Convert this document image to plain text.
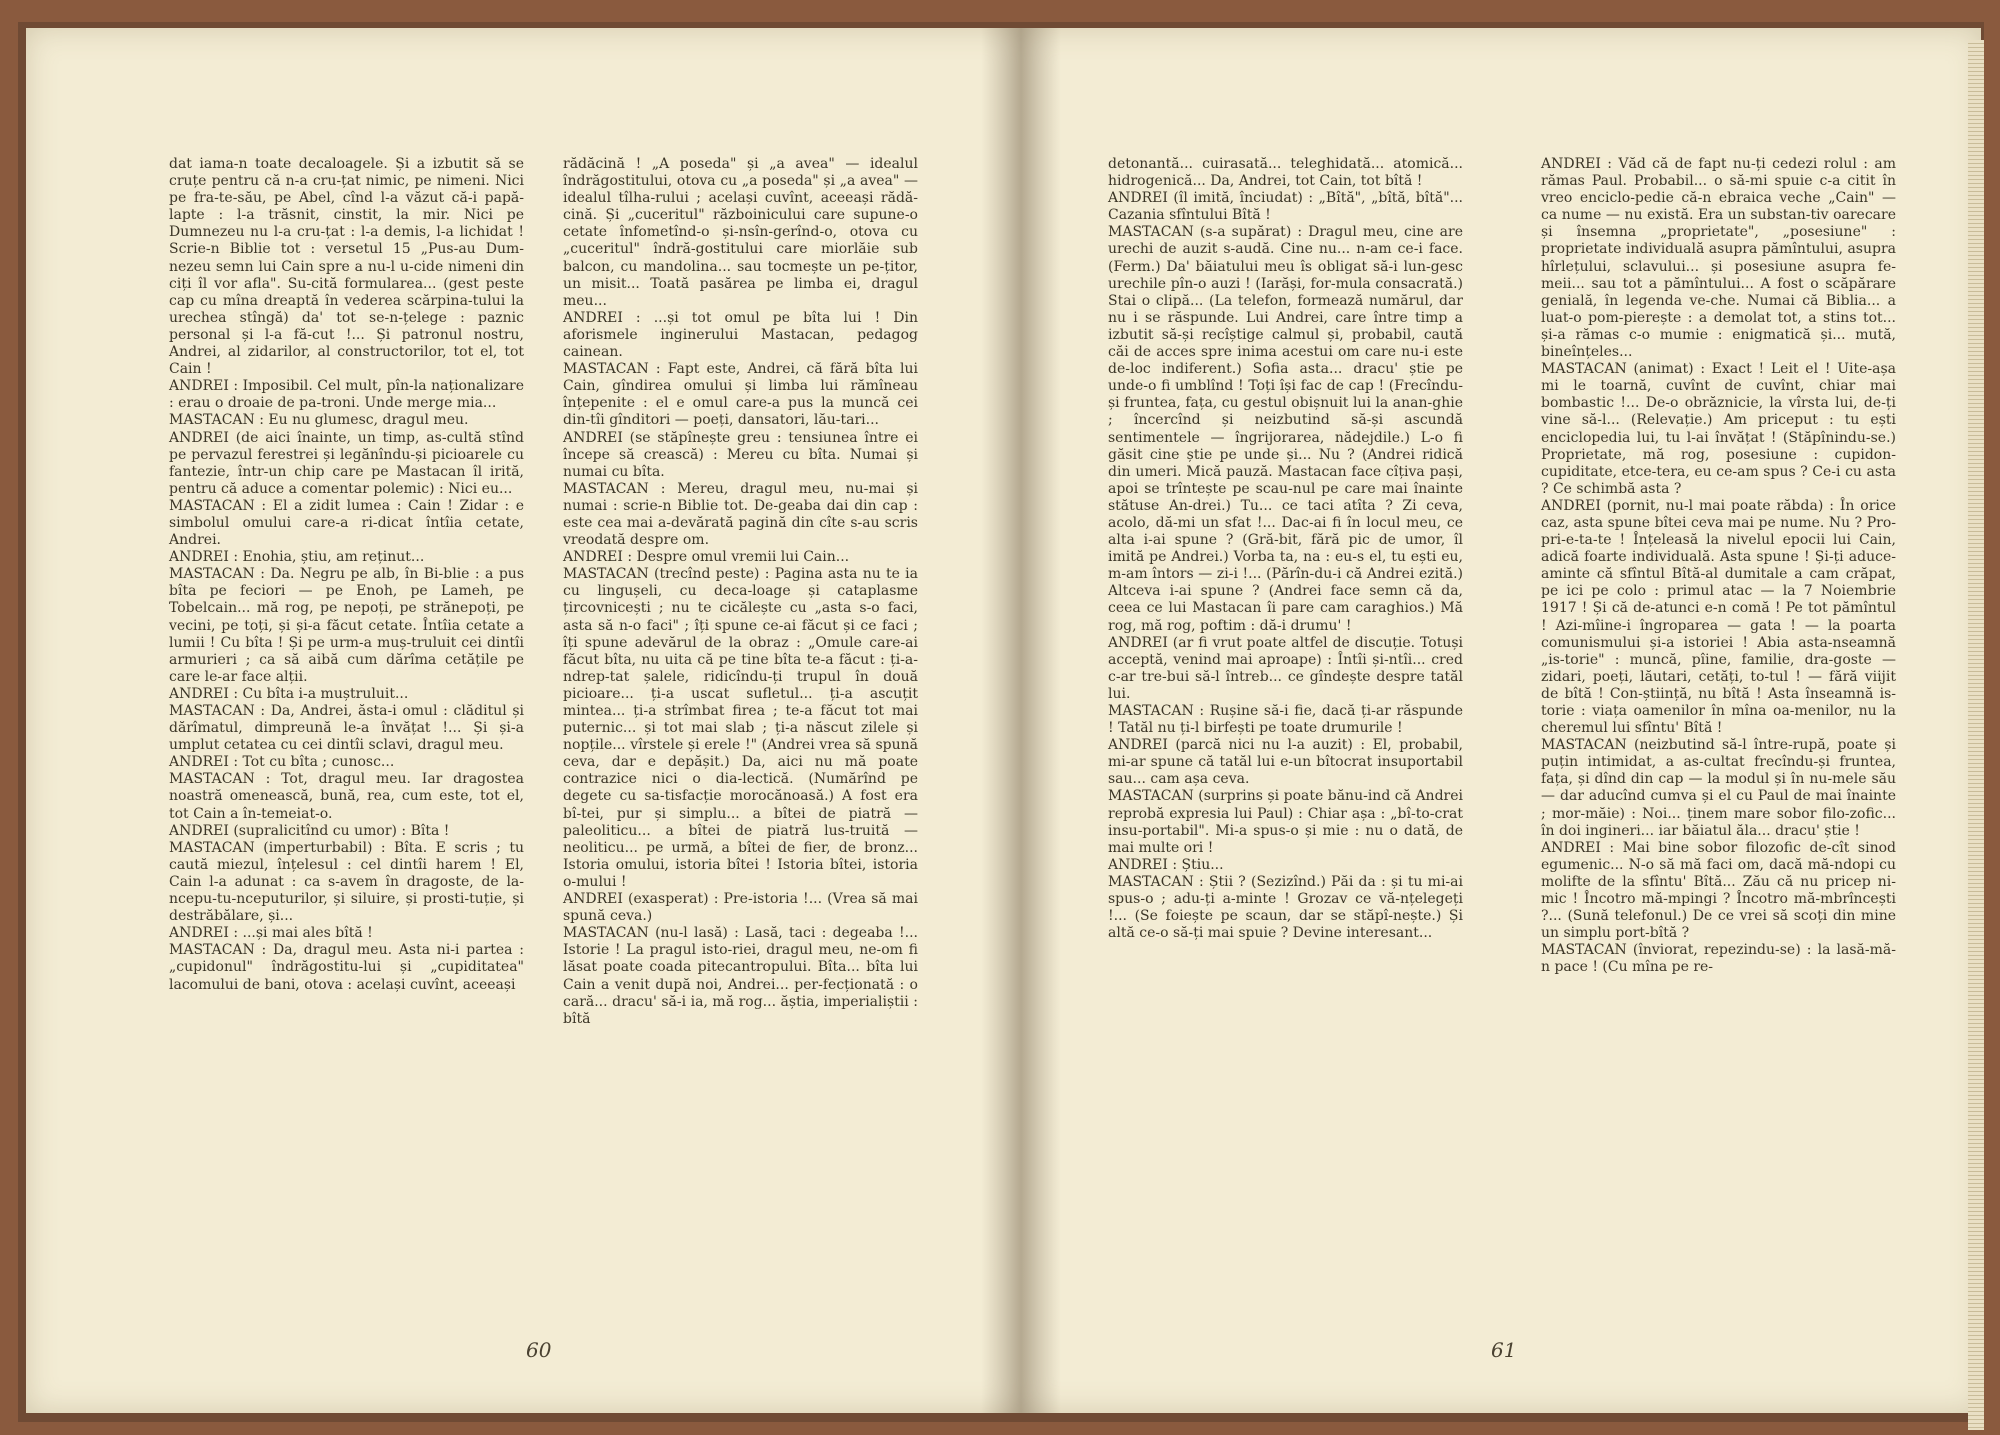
dat iama-n toate decaloagele. Și a izbutit să se cruțe pentru că n-a cru-țat nimic, pe nimeni. Nici pe fra-te-său, pe Abel, cînd l-a văzut că-i papă-lapte : l-a trăsnit, cinstit, la mir. Nici pe Dumnezeu nu l-a cru-țat : l-a demis, l-a lichidat ! Scrie-n Biblie tot : versetul 15 „Pus-au Dum-nezeu semn lui Cain spre a nu-l u-cide nimeni din ciți îl vor afla". Su-cită formularea... (gest peste cap cu mîna dreaptă în vederea scărpina-tului la urechea stîngă) da' tot se-n-țelege : paznic personal și l-a fă-cut !... Și patronul nostru, Andrei, al zidarilor, al constructorilor, tot el, tot Cain !

ANDREI : Imposibil. Cel mult, pîn-la naționalizare : erau o droaie de pa-troni. Unde merge mia...

MASTACAN : Eu nu glumesc, dragul meu.

ANDREI (de aici înainte, un timp, as-cultă stînd pe pervazul ferestrei și legănîndu-și picioarele cu fantezie, într-un chip care pe Mastacan îl irită, pentru că aduce a comentar polemic) : Nici eu...

MASTACAN : El a zidit lumea : Cain ! Zidar : e simbolul omului care-a ri-dicat întîia cetate, Andrei.

ANDREI : Enohia, știu, am reținut...

MASTACAN : Da. Negru pe alb, în Bi-blie : a pus bîta pe feciori — pe Enoh, pe Lameh, pe Tobelcain... mă rog, pe nepoți, pe strănepoți, pe vecini, pe toți, și și-a făcut cetate. Întîia cetate a lumii ! Cu bîta ! Și pe urm-a muș-truluit cei dintîi armurieri ; ca să aibă cum dărîma cetățile pe care le-ar face alții.

ANDREI : Cu bîta i-a muștruluit...

MASTACAN : Da, Andrei, ăsta-i omul : clăditul și dărîmatul, dimpreună le-a învățat !... Și și-a umplut cetatea cu cei dintîi sclavi, dragul meu.

ANDREI : Tot cu bîta ; cunosc...

MASTACAN : Tot, dragul meu. Iar dragostea noastră omenească, bună, rea, cum este, tot el, tot Cain a în-temeiat-o.

ANDREI (supralicitînd cu umor) : Bîta !

MASTACAN (imperturbabil) : Bîta. E scris ; tu caută miezul, înțelesul : cel dintîi harem ! El, Cain l-a adunat : ca s-avem în dragoste, de la-ncepu-tu-nceputurilor, și siluire, și prosti-tuție, și destrăbălare, și...

ANDREI : ...și mai ales bîtă !

MASTACAN : Da, dragul meu. Asta ni-i partea : „cupidonul" îndrăgostitu-lui și „cupiditatea" lacomului de bani, otova : același cuvînt, aceeași

rădăcină ! „A poseda" și „a avea" — idealul îndrăgostitului, otova cu „a poseda" și „a avea" — idealul tîlha-rului ; același cuvînt, aceeași rădă-cină. Și „cuceritul" războinicului care supune-o cetate înfometînd-o și-nsîn-gerînd-o, otova cu „cuceritul" îndră-gostitului care miorlăie sub balcon, cu mandolina... sau tocmește un pe-țitor, un misit... Toată pasărea pe limba ei, dragul meu...

ANDREI : ...și tot omul pe bîta lui ! Din aforismele inginerului Mastacan, pedagog cainean.

MASTACAN : Fapt este, Andrei, că fără bîta lui Cain, gîndirea omului și limba lui rămîneau înțepenite : el e omul care-a pus la muncă cei din-tîi gînditori — poeți, dansatori, lău-tari...

ANDREI (se stăpînește greu : tensiunea între ei începe să crească) : Mereu cu bîta. Numai și numai cu bîta.

MASTACAN : Mereu, dragul meu, nu-mai și numai : scrie-n Biblie tot. De-geaba dai din cap : este cea mai a-devărată pagină din cîte s-au scris vreodată despre om.

ANDREI : Despre omul vremii lui Cain...

MASTACAN (trecînd peste) : Pagina asta nu te ia cu lingușeli, cu deca-loage și cataplasme țircovnicești ; nu te cicălește cu „asta s-o faci, asta să n-o faci" ; îți spune ce-ai făcut și ce faci ; îți spune adevărul de la obraz : „Omule care-ai făcut bîta, nu uita că pe tine bîta te-a făcut : ți-a-ndrep-tat șalele, ridicîndu-ți trupul în două picioare... ți-a uscat sufletul... ți-a ascuțit mintea... ți-a strîmbat firea ; te-a făcut tot mai puternic... și tot mai slab ; ți-a născut zilele și nopțile... vîrstele și erele !" (Andrei vrea să spună ceva, dar e depășit.) Da, aici nu mă poate contrazice nici o dia-lectică. (Numărînd pe degete cu sa-tisfacție morocănoasă.) A fost era bî-tei, pur și simplu... a bîtei de piatră — paleoliticu... a bîtei de piatră lus-truită — neoliticu... pe urmă, a bîtei de fier, de bronz... Istoria omului, istoria bîtei ! Istoria bîtei, istoria o-mului !

ANDREI (exasperat) : Pre-istoria !... (Vrea să mai spună ceva.)

MASTACAN (nu-l lasă) : Lasă, taci : degeaba !... Istorie ! La pragul isto-riei, dragul meu, ne-om fi lăsat poate coada pitecantropului. Bîta... bîta lui Cain a venit după noi, Andrei... per-fecționată : o cară... dracu' să-i ia, mă rog... ăștia, imperialiștii : bîtă

60

detonantă... cuirasată... teleghidată... atomică... hidrogenică... Da, Andrei, tot Cain, tot bîtă !

ANDREI (îl imită, înciudat) : „Bîtă", „bîtă, bîtă"... Cazania sfîntului Bîtă !

MASTACAN (s-a supărat) : Dragul meu, cine are urechi de auzit s-audă. Cine nu... n-am ce-i face. (Ferm.) Da' băiatului meu îs obligat să-i lun-gesc urechile pîn-o auzi ! (Iarăși, for-mula consacrată.) Stai o clipă... (La telefon, formează numărul, dar nu i se răspunde. Lui Andrei, care între timp a izbutit să-și recîștige calmul și, probabil, caută căi de acces spre inima acestui om care nu-i este de-loc indiferent.) Sofia asta... dracu' știe pe unde-o fi umblînd ! Toți își fac de cap ! (Frecîndu-și fruntea, fața, cu gestul obișnuit lui la anan-ghie ; încercînd și neizbutind să-și ascundă sentimentele — îngrijorarea, nădejdile.) L-o fi găsit cine știe pe unde și... Nu ? (Andrei ridică din umeri. Mică pauză. Mastacan face cîțiva pași, apoi se trîntește pe scau-nul pe care mai înainte stătuse An-drei.) Tu... ce taci atîta ? Zi ceva, acolo, dă-mi un sfat !... Dac-ai fi în locul meu, ce alta i-ai spune ? (Gră-bit, fără pic de umor, îl imită pe Andrei.) Vorba ta, na : eu-s el, tu ești eu, m-am întors — zi-i !... (Părîn-du-i că Andrei ezită.) Altceva i-ai spune ? (Andrei face semn că da, ceea ce lui Mastacan îi pare cam caraghios.) Mă rog, mă rog, poftim : dă-i drumu' !

ANDREI (ar fi vrut poate altfel de discuție. Totuși acceptă, venind mai aproape) : Întîi și-ntîi... cred c-ar tre-bui să-l întreb... ce gîndește despre tatăl lui.

MASTACAN : Rușine să-i fie, dacă ți-ar răspunde ! Tatăl nu ți-l birfești pe toate drumurile !

ANDREI (parcă nici nu l-a auzit) : El, probabil, mi-ar spune că tatăl lui e-un bîtocrat insuportabil sau... cam așa ceva.

MASTACAN (surprins și poate bănu-ind că Andrei reprobă expresia lui Paul) : Chiar așa : „bî-to-crat insu-portabil". Mi-a spus-o și mie : nu o dată, de mai multe ori !

ANDREI : Știu...

MASTACAN : Știi ? (Sezizînd.) Păi da : și tu mi-ai spus-o ; adu-ți a-minte ! Grozav ce vă-nțelegeți !... (Se foiește pe scaun, dar se stăpî-nește.) Și altă ce-o să-ți mai spuie ? Devine interesant...

ANDREI : Văd că de fapt nu-ți cedezi rolul : am rămas Paul. Probabil... o să-mi spuie c-a citit în vreo enciclo-pedie că-n ebraica veche „Cain" — ca nume — nu există. Era un substan-tiv oarecare și însemna „proprietate", „posesiune" : proprietate individuală asupra pămîntului, asupra hîrlețului, sclavului... și posesiune asupra fe-meii... sau tot a pămîntului... A fost o scăpărare genială, în legenda ve-che. Numai că Biblia... a luat-o pom-pierește : a demolat tot, a stins tot... și-a rămas c-o mumie : enigmatică și... mută, bineînțeles...

MASTACAN (animat) : Exact ! Leit el ! Uite-așa mi le toarnă, cuvînt de cuvînt, chiar mai bombastic !... De-o obrăznicie, la vîrsta lui, de-ți vine să-l... (Relevație.) Am priceput : tu ești enciclopedia lui, tu l-ai învățat ! (Stăpînindu-se.) Proprietate, mă rog, posesiune : cupidon-cupiditate, etce-tera, eu ce-am spus ? Ce-i cu asta ? Ce schimbă asta ?

ANDREI (pornit, nu-l mai poate răbda) : În orice caz, asta spune bîtei ceva mai pe nume. Nu ? Pro-pri-e-ta-te ! Înțeleasă la nivelul epocii lui Cain, adică foarte individuală. Asta spune ! Și-ți aduce-aminte că sfîntul Bîtă-al dumitale a cam crăpat, pe ici pe colo : primul atac — la 7 Noiembrie 1917 ! Și că de-atunci e-n comă ! Pe tot pămîntul ! Azi-mîine-i îngroparea — gata ! — la poarta comunismului și-a istoriei ! Abia asta-nseamnă „is-torie" : muncă, pîine, familie, dra-goste — zidari, poeți, lăutari, cetăți, to-tul ! — fără viijit de bîtă ! Con-știință, nu bîtă ! Asta înseamnă is-torie : viața oamenilor în mîna oa-menilor, nu la cheremul lui sfîntu' Bîtă !

MASTACAN (neizbutind să-l între-rupă, poate și puțin intimidat, a as-cultat frecîndu-și fruntea, fața, și dînd din cap — la modul și în nu-mele său — dar aducînd cumva și el cu Paul de mai înainte ; mor-măie) : Noi... ținem mare sobor filo-zofic... în doi ingineri... iar băiatul ăla... dracu' știe !

ANDREI : Mai bine sobor filozofic de-cît sinod egumenic... N-o să mă faci om, dacă mă-ndopi cu molifte de la sfîntu' Bîtă... Zău că nu pricep ni-mic ! Încotro mă-mpingi ? Încotro mă-mbrîncești ?... (Sună telefonul.) De ce vrei să scoți din mine un simplu port-bîtă ?

MASTACAN (înviorat, repezindu-se) : la lasă-mă-n pace ! (Cu mîna pe re-

61
